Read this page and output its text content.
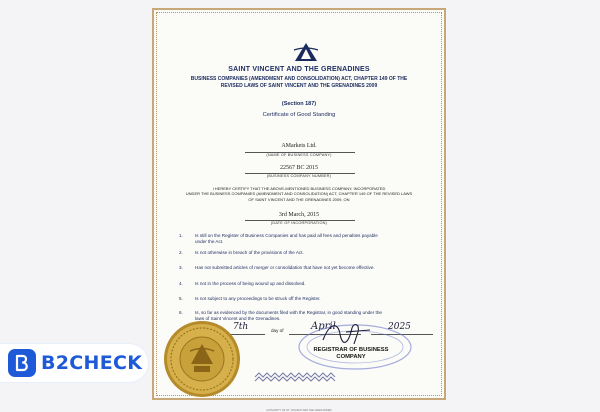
SAINT VINCENT AND THE GRENADINES
BUSINESS COMPANIES (AMENDMENT AND CONSOLIDATION) ACT, CHAPTER 149 OF THE
REVISED LAWS OF SAINT VINCENT AND THE GRENADINES 2009
(Section 187)
Certificate of Good Standing
AMarkets Ltd.
(NAME OF BUSINESS COMPANY)
22567 BC 2015
(BUSINESS COMPANY NUMBER)
I HEREBY CERTIFY THAT THE ABOVE-MENTIONED BUSINESS COMPANY, INCORPORATED
UNDER THE BUSINESS COMPANIES (AMENDMENT AND CONSOLIDATION) ACT, CHAPTER 149 OF THE REVISED LAWS
OF SAINT VINCENT AND THE GRENADINES 2009, ON
3rd March, 2015
(DATE OF INCORPORATION)
1.	Is still on the Register of Business Companies and has paid all fees and penalties payable
under the Act.
2.	Is not otherwise in breach of the provisions of the Act.
3.	Has not submitted articles of merger or consolidation that have not yet become effective.
4.	Is not in the process of being wound up and dissolved.
5.	Is not subject to any proceedings to be struck off the Register.
6.	Is, so far as evidenced by the documents filed with the Registrar, in good standing under the
laws of Saint Vincent and the Grenadines.
7th	day of	April	2025
AUTHORITY OF ST. VINCENT AND THE GRENADINES
REGISTRAR OF BUSINESS
COMPANY
B2CHECK
